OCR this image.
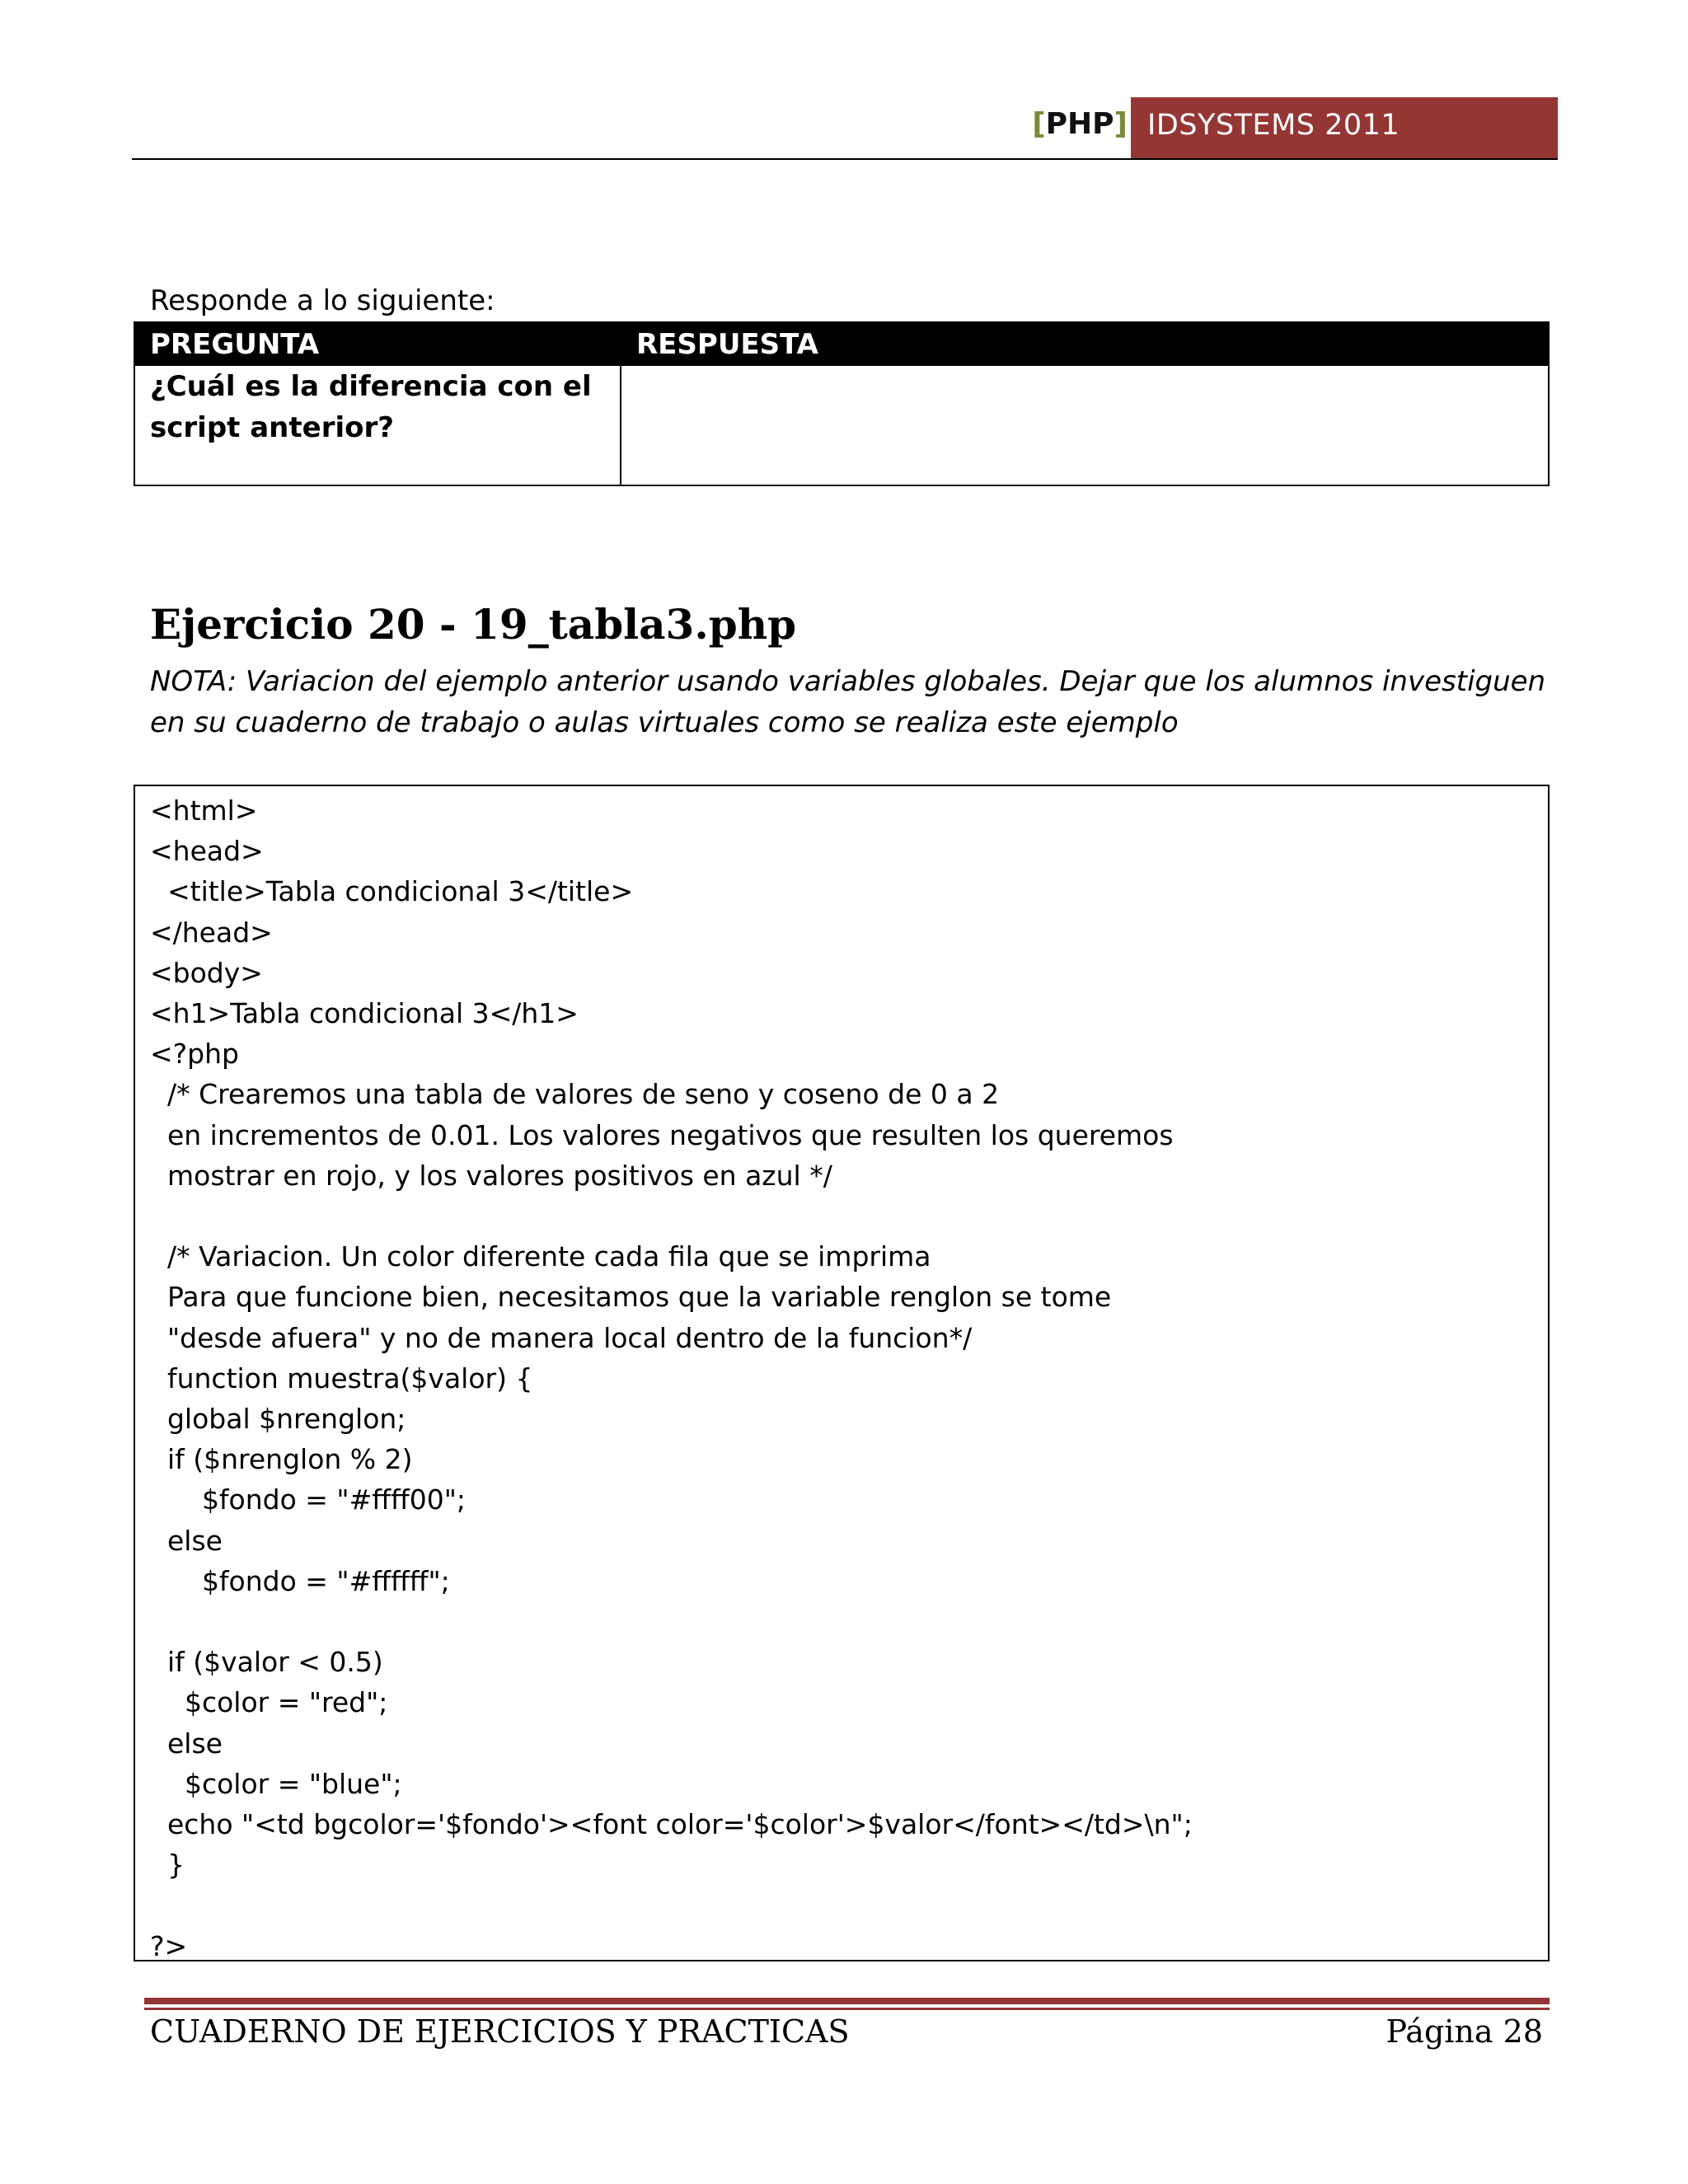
[PHP] IDSYSTEMS 2011
Responde a lo siguiente:
PREGUNTA	RESPUESTA
¿Cuál es la diferencia con el
script anterior?
Ejercicio 20 - 19_tabla3.php
NOTA: Variacion del ejemplo anterior usando variables globales. Dejar que los alumnos investiguen en su cuaderno de trabajo o aulas virtuales como se realiza este ejemplo
<html>
<head>
<title>Tabla condicional 3</title>
</head>
<body>
<h1>Tabla condicional 3</h1>
<?php
/* Crearemos una tabla de valores de seno y coseno de 0 a 2
en incrementos de 0.01. Los valores negativos que resulten los queremos
mostrar en rojo, y los valores positivos en azul */

/* Variacion. Un color diferente cada fila que se imprima
Para que funcione bien, necesitamos que la variable renglon se tome
"desde afuera" y no de manera local dentro de la funcion*/
function muestra($valor) {
global $nrenglon;
if ($nrenglon % 2)
$fondo = "#ffff00";
else
$fondo = "#ffffff";

if ($valor < 0.5)
$color = "red";
else
$color = "blue";
echo "<td bgcolor='$fondo'><font color='$color'>$valor</font></td>\n";
}

?>
CUADERNO DE EJERCICIOS Y PRACTICAS	Página 28
